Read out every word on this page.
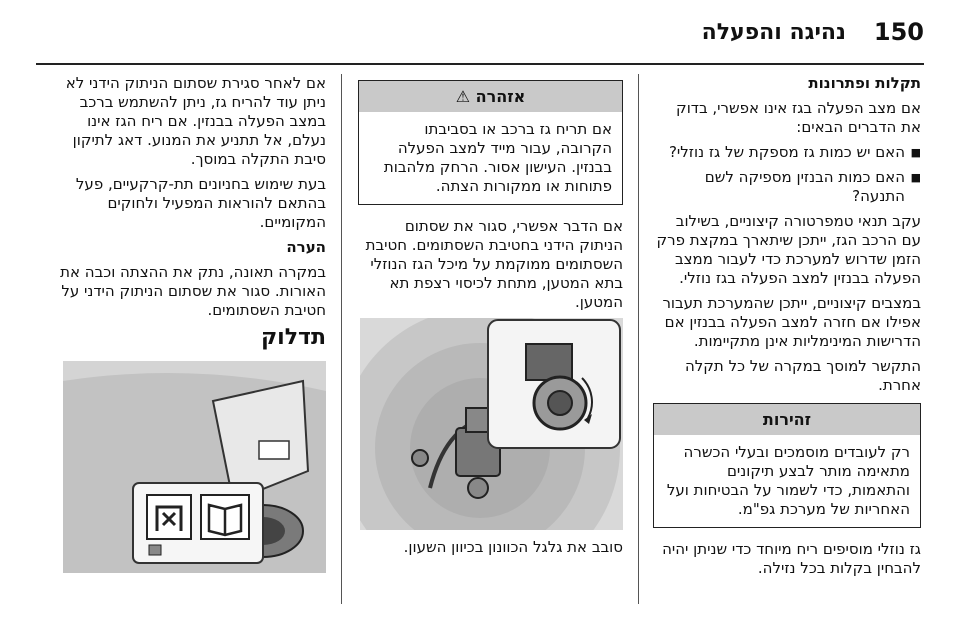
150
נהיגה והפעלה

תקלות ופתרונות

אם מצב הפעלה בגז אינו אפשרי, בדוק את הדברים הבאים:

■ האם יש כמות גז מספקת של גז נוזלי?

■ האם כמות הבנזין מספיקה לשם התנעה?

עקב תנאי טמפרטורה קיצוניים, בשילוב עם הרכב הגז, ייתכן שיתארך במקצת פרק הזמן שדרוש למערכת כדי לעבור ממצב הפעלה בבנזין למצב הפעלה בגז נוזלי.

במצבים קיצוניים, ייתכן שהמערכת תעבור אפילו אם חזרה למצב הפעלה בבנזין אם הדרישות המינימליות אינן מתקיימות.

התקשר למוסך במקרה של כל תקלה אחרת.

זהירות
רק לעובדים מוסמכים ובעלי הכשרה מתאימה מותר לבצע תיקונים והתאמות, כדי לשמור על הבטיחות ועל האחריות של מערכת גפ"מ.

גז נוזלי מוסיפים ריח מיוחד כדי שניתן יהיה להבחין בקלות בכל נזילה.

אזהרה ⚠
אם תריח גז ברכב או בסביבתו הקרובה, עבור מייד למצב הפעלה בבנזין. העישון אסור. הרחק מלהבות פתוחות או ממקורות הצתה.

אם הדבר אפשרי, סגור את שסתום הניתוק הידני בחטיבת השסתומים. חטיבת השסתומים ממוקמת על מיכל הגז הנוזלי בתא המטען, מתחת לכיסוי רצפת תא המטען.

סובב את גלגל הכוונון בכיוון השעון.

אם לאחר סגירת שסתום הניתוק הידני לא ניתן עוד להריח גז, ניתן להשתמש ברכב במצב הפעלה בבנזין. אם ריח הגז אינו נעלם, אל תתניע את המנוע. דאג לתיקון סיבת התקלה במוסך.

בעת שימוש בחניונים תת-קרקעיים, פעל בהתאם להוראות המפעיל ולחוקים המקומיים.

הערה

במקרה תאונה, נתק את ההצתה וכבה את האורות. סגור את שסתום הניתוק הידני על חטיבת השסתומים.

תדלוק
